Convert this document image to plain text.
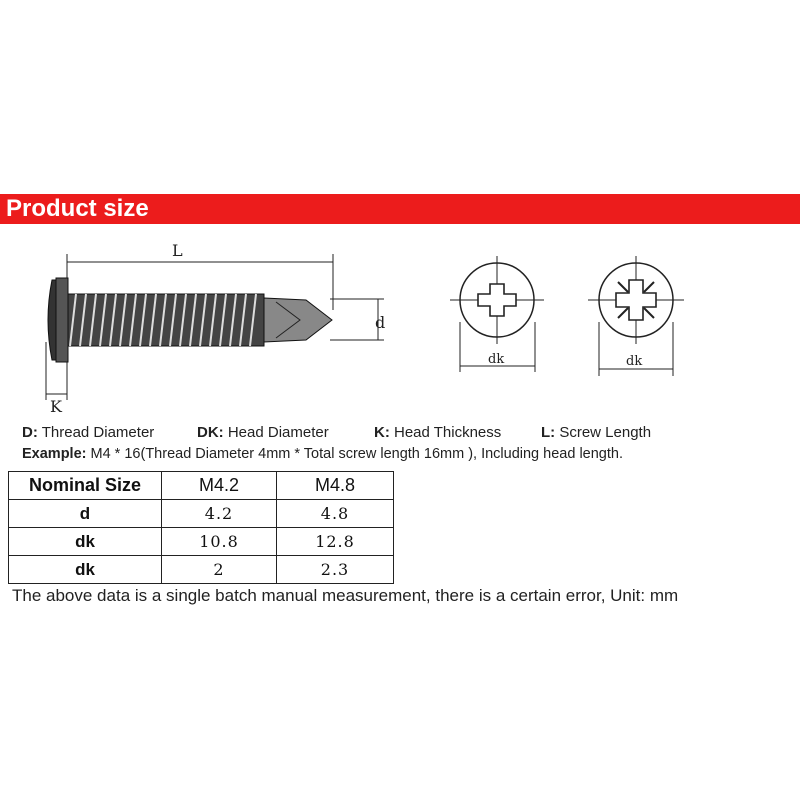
Product size
L
d
K
dk	dk
D: Thread Diameter	DK: Head Diameter	K: Head Thickness	L: Screw Length
Example: M4 * 16(Thread Diameter 4mm * Total screw length 16mm ), Including head length.
Nominal Size	M4.2	M4.8
d	4.2	4.8
dk	10.8	12.8
dk	2	2.3
The above data is a single batch manual measurement, there is a certain error, Unit: mm
